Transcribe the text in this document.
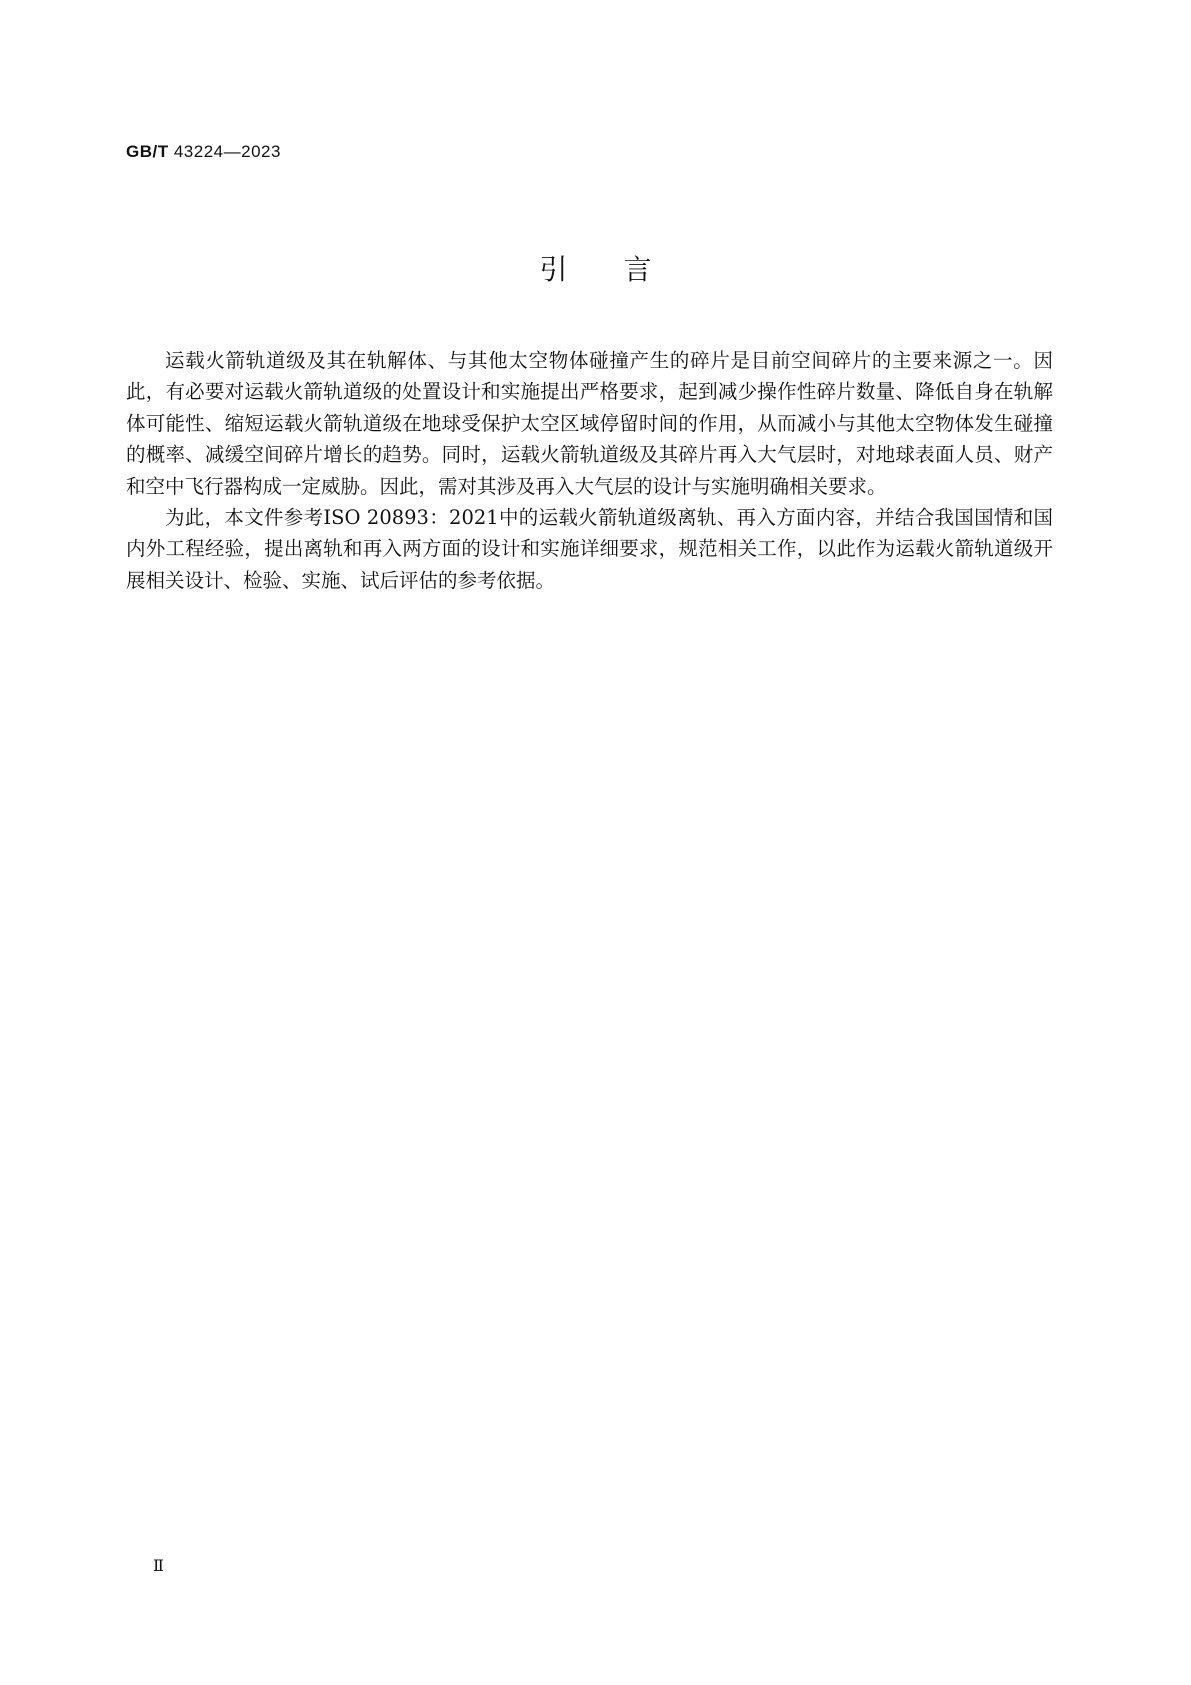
GB/T 43224—2023
引言

运载火箭轨道级及其在轨解体、与其他太空物体碰撞产生的碎片是目前空间碎片的主要来源之一。因此，有必要对运载火箭轨道级的处置设计和实施提出严格要求，起到减少操作性碎片数量、降低自身在轨解体可能性、缩短运载火箭轨道级在地球受保护太空区域停留时间的作用，从而减小与其他太空物体发生碰撞的概率、减缓空间碎片增长的趋势。同时，运载火箭轨道级及其碎片再入大气层时，对地球表面人员、财产和空中飞行器构成一定威胁。因此，需对其涉及再入大气层的设计与实施明确相关要求。

为此，本文件参考ISO 20893：2021中的运载火箭轨道级离轨、再入方面内容，并结合我国国情和国内外工程经验，提出离轨和再入两方面的设计和实施详细要求，规范相关工作，以此作为运载火箭轨道级开展相关设计、检验、实施、试后评估的参考依据。

Ⅱ
